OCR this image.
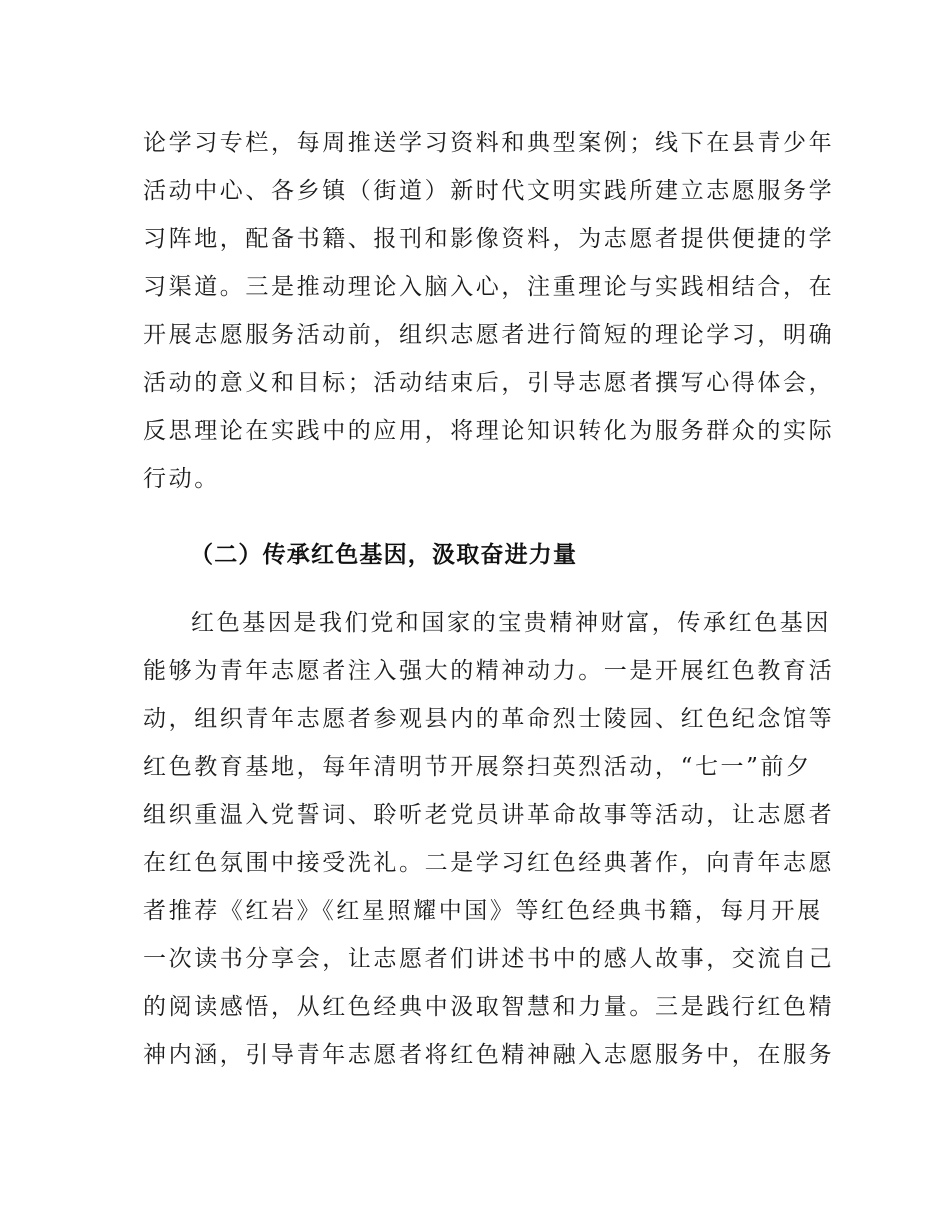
论学习专栏，每周推送学习资料和典型案例；线下在县青少年
活动中心、各乡镇（街道）新时代文明实践所建立志愿服务学
习阵地，配备书籍、报刊和影像资料，为志愿者提供便捷的学
习渠道。三是推动理论入脑入心，注重理论与实践相结合，在
开展志愿服务活动前，组织志愿者进行简短的理论学习，明确
活动的意义和目标；活动结束后，引导志愿者撰写心得体会，
反思理论在实践中的应用，将理论知识转化为服务群众的实际
行动。
（二）传承红色基因，汲取奋进力量
红色基因是我们党和国家的宝贵精神财富，传承红色基因
能够为青年志愿者注入强大的精神动力。一是开展红色教育活
动，组织青年志愿者参观县内的革命烈士陵园、红色纪念馆等
红色教育基地，每年清明节开展祭扫英烈活动，“七一”前夕
组织重温入党誓词、聆听老党员讲革命故事等活动，让志愿者
在红色氛围中接受洗礼。二是学习红色经典著作，向青年志愿
者推荐《红岩》《红星照耀中国》等红色经典书籍，每月开展
一次读书分享会，让志愿者们讲述书中的感人故事，交流自己
的阅读感悟，从红色经典中汲取智慧和力量。三是践行红色精
神内涵，引导青年志愿者将红色精神融入志愿服务中，在服务
